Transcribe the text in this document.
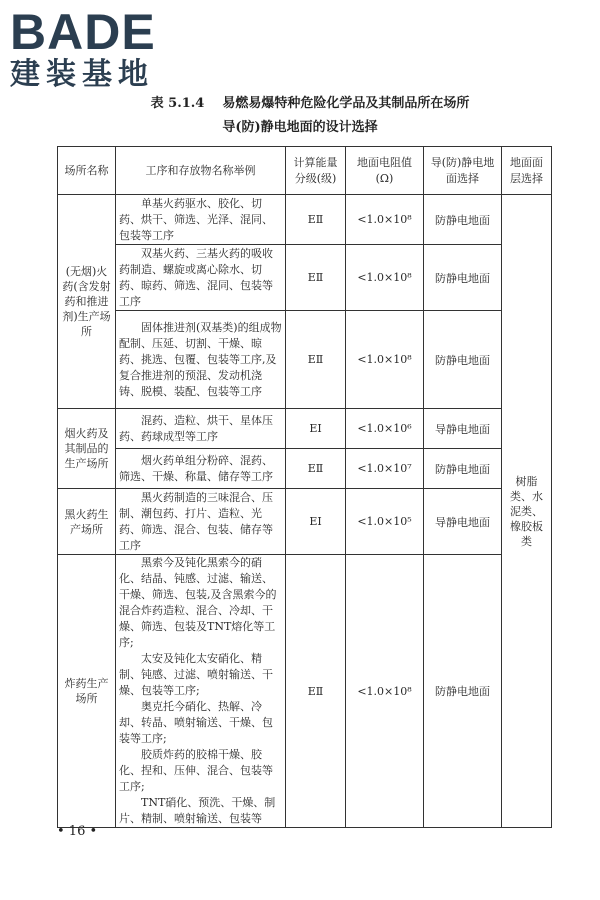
BADE
建装基地
表 5.1.4 易燃易爆特种危险化学品及其制品所在场所
导(防)静电地面的设计选择
场所名称	工序和存放物名称举例	计算能量分级(级)	地面电阻值(Ω)	导(防)静电地面选择	地面面层选择
(无烟)火药(含发射药和推进剂)生产场所	单基火药驱水、胶化、切药、烘干、筛选、光泽、混同、包装等工序	EⅡ	<1.0×10⁸	防静电地面	树脂类、水泥类、橡胶板类
	双基火药、三基火药的吸收药制造、螺旋或离心除水、切药、晾药、筛选、混同、包装等工序	EⅡ	<1.0×10⁸	防静电地面	
	固体推进剂(双基类)的组成物配制、压延、切割、干燥、晾药、挑选、包覆、包装等工序,及复合推进剂的预混、发动机浇铸、脱模、装配、包装等工序	EⅡ	<1.0×10⁸	防静电地面	
烟火药及其制品的生产场所	混药、造粒、烘干、星体压药、药球成型等工序	EⅠ	<1.0×10⁶	导静电地面	
	烟火药单组分粉碎、混药、筛选、干燥、称量、储存等工序	EⅡ	<1.0×10⁷	防静电地面	
黑火药生产场所	黑火药制造的三味混合、压制、潮包药、打片、造粒、光药、筛选、混合、包装、储存等工序	EⅠ	<1.0×10⁵	导静电地面	
炸药生产场所	黑索今及钝化黑索今的硝化、结晶、钝感、过滤、输送、干燥、筛选、包装,及含黑索今的混合炸药造粒、混合、冷却、干燥、筛选、包装及TNT熔化等工序;
太安及钝化太安硝化、精制、钝感、过滤、喷射输送、干燥、包装等工序;
奥克托今硝化、热解、冷却、转晶、喷射输送、干燥、包装等工序;
胶质炸药的胶棉干燥、胶化、捏和、压伸、混合、包装等工序;
TNT硝化、预洗、干燥、制片、精制、喷射输送、包装等	EⅡ	<1.0×10⁸	防静电地面	
• 16 •
